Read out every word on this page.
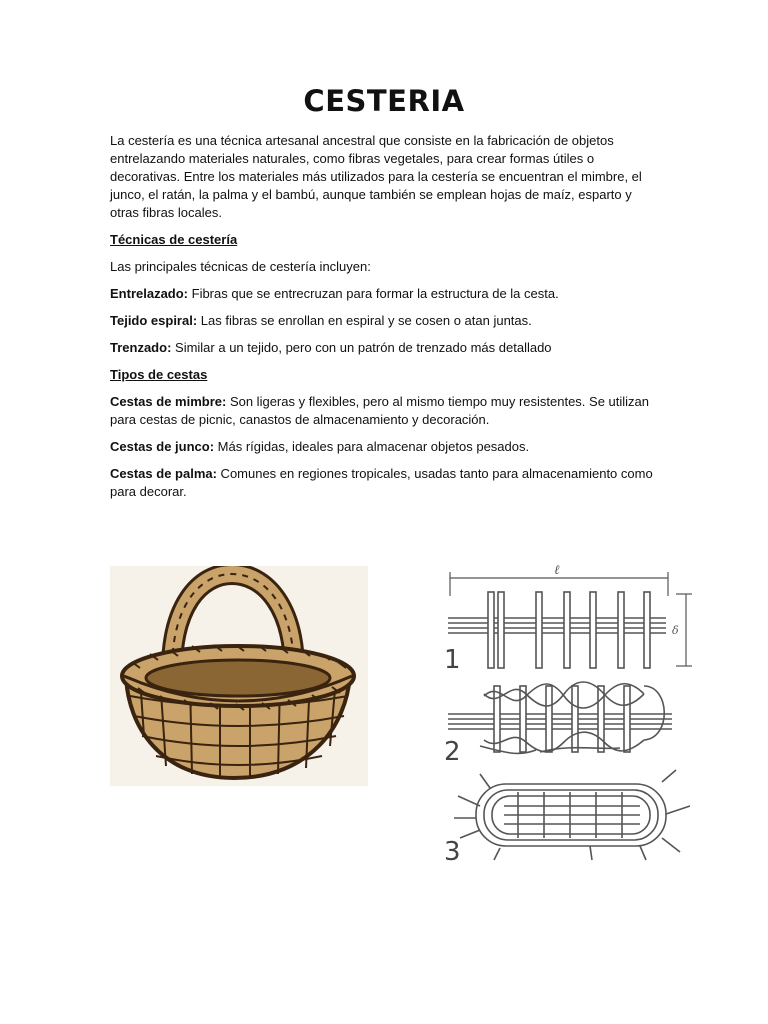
CESTERIA

La cestería es una técnica artesanal ancestral que consiste en la fabricación de objetos entrelazando materiales naturales, como fibras vegetales, para crear formas útiles o decorativas. Entre los materiales más utilizados para la cestería se encuentran el mimbre, el junco, el ratán, la palma y el bambú, aunque también se emplean hojas de maíz, esparto y otras fibras locales.

Técnicas de cestería

Las principales técnicas de cestería incluyen:

Entrelazado: Fibras que se entrecruzan para formar la estructura de la cesta.

Tejido espiral: Las fibras se enrollan en espiral y se cosen o atan juntas.

Trenzado: Similar a un tejido, pero con un patrón de trenzado más detallado

Tipos de cestas

Cestas de mimbre: Son ligeras y flexibles, pero al mismo tiempo muy resistentes. Se utilizan para cestas de picnic, canastos de almacenamiento y decoración.

Cestas de junco: Más rígidas, ideales para almacenar objetos pesados.

Cestas de palma: Comunes en regiones tropicales, usadas tanto para almacenamiento como para decorar.

ℓ
δ
1
2
3
